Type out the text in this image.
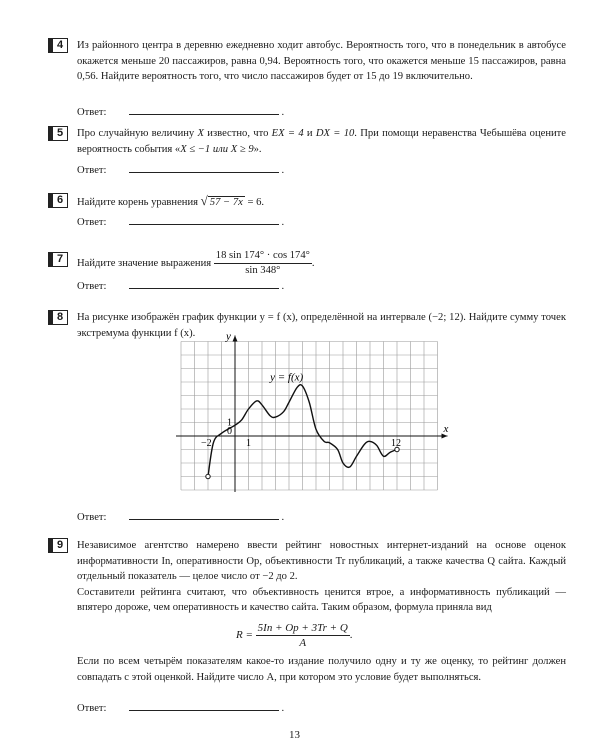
4	Из районного центра в деревню ежедневно ходит автобус. Вероятность того, что в понедельник в автобусе окажется меньше 20 пассажиров, равна 0,94. Вероятность того, что окажется меньше 15 пассажиров, равна 0,56. Найдите вероятность того, что число пассажиров будет от 15 до 19 включительно.
Ответ:	.
5	Про случайную величину X известно, что EX = 4 и DX = 10. При помощи неравенства Чебышёва оцените вероятность события «X ≤ −1 или X ≥ 9».
Ответ:	.
6	Найдите корень уравнения √ 57 − 7x = 6.
Ответ:	.
7	Найдите значение выражения $\frac{18 \sin 174^\circ \cdot \cos 174^\circ}{\sin 348^\circ}$ .
Ответ:	.
8	На рисунке изображён график функции y = f (x), определённой на интервале (−2; 12). Найдите сумму точек экстремума функции f (x).
Ответ:	.
y = f(x)
x
y
−2
0
1	12
1
9	Независимое агентство намерено ввести рейтинг новостных интернет-изданий на основе оценок информативности In, оперативности Op, объективности Tr публикаций, а также качества Q сайта. Каждый отдельный показатель — целое число от −2 до 2.
Составители рейтинга считают, что объективность ценится втрое, а информативность публикаций — впятеро дороже, чем оперативность и качество сайта. Таким образом, формула приняла вид
Если по всем четырём показателям какое-то издание получило одну и ту же оценку, то рейтинг должен совпадать с этой оценкой. Найдите число A, при котором это условие будет выполняться.
Ответ:	.
$R = \frac{5In + Op + 3Tr + Q}{A}$ .
13
